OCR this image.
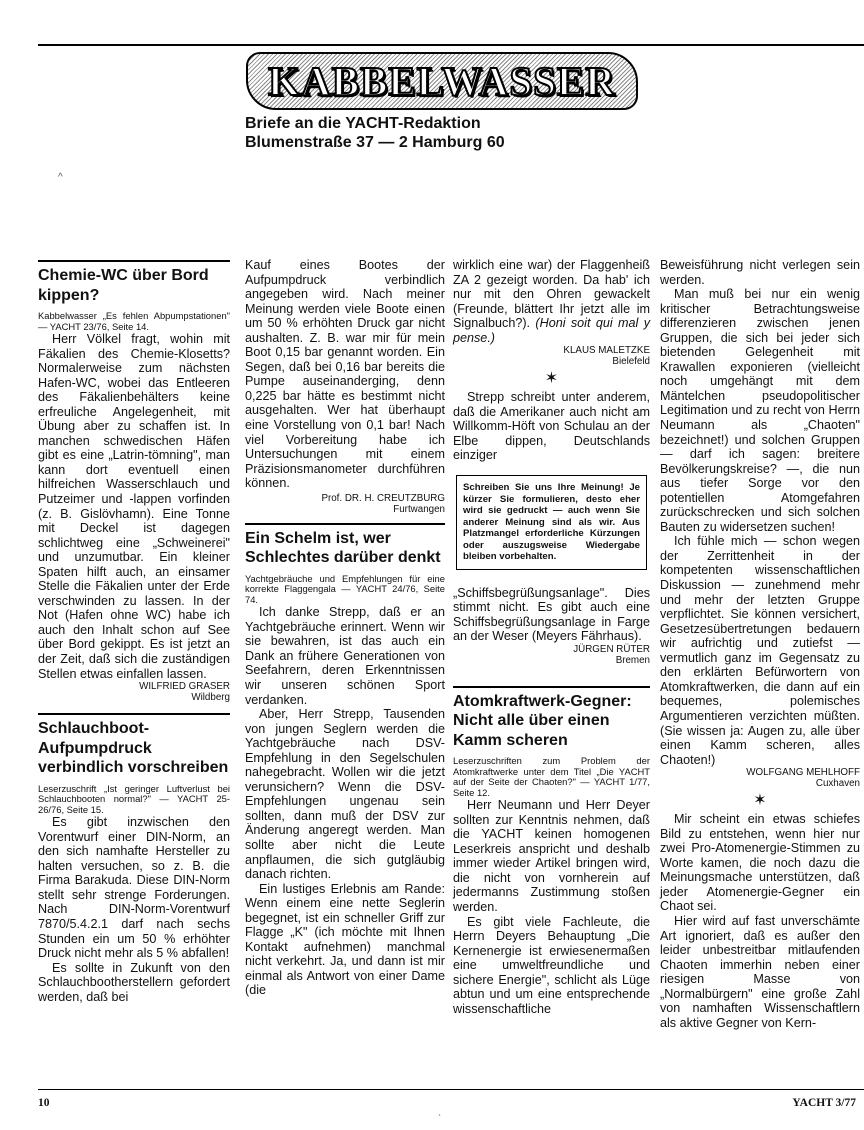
KABBELWASSER
Briefe an die YACHT-Redaktion
Blumenstraße 37 — 2 Hamburg 60
^
Chemie-WC über Bord kippen?

Kabbelwasser „Es fehlen Abpumpstationen" — YACHT 23/76, Seite 14.

Herr Völkel fragt, wohin mit Fäkalien des Chemie-Klosetts? Normalerweise zum nächsten Hafen-WC, wobei das Entleeren des Fäkalienbehälters keine erfreuliche Angelegenheit, mit Übung aber zu schaffen ist. In manchen schwedischen Häfen gibt es eine „Latrin-tömning", man kann dort eventuell einen hilfreichen Wasserschlauch und Putzeimer und -lappen vorfinden (z. B. Gislövhamn). Eine Tonne mit Deckel ist dagegen schlichtweg eine „Schweinerei" und unzumutbar. Ein kleiner Spaten hilft auch, an einsamer Stelle die Fäkalien unter der Erde verschwinden zu lassen. In der Not (Hafen ohne WC) habe ich auch den Inhalt schon auf See über Bord gekippt. Es ist jetzt an der Zeit, daß sich die zuständigen Stellen etwas einfallen lassen.

WILFRIED GRASER
Wildberg
Schlauchboot-Aufpumpdruck verbindlich vorschreiben

Leserzuschrift „Ist geringer Luftverlust bei Schlauchbooten normal?" — YACHT 25-26/76, Seite 15.

Es gibt inzwischen den Vorentwurf einer DIN-Norm, an den sich namhafte Hersteller zu halten versuchen, so z. B. die Firma Barakuda. Diese DIN-Norm stellt sehr strenge Forderungen. Nach DIN-Norm-Vorentwurf 7870/5.4.2.1 darf nach sechs Stunden ein um 50 % erhöhter Druck nicht mehr als 5 % abfallen!

Es sollte in Zukunft von den Schlauchbootherstellern gefordert werden, daß bei

Kauf eines Bootes der Aufpumpdruck verbindlich angegeben wird. Nach meiner Meinung werden viele Boote einen um 50 % erhöhten Druck gar nicht aushalten. Z. B. war mir für mein Boot 0,15 bar genannt worden. Ein Segen, daß bei 0,16 bar bereits die Pumpe auseinanderging, denn 0,225 bar hätte es bestimmt nicht ausgehalten. Wer hat überhaupt eine Vorstellung von 0,1 bar! Nach viel Vorbereitung habe ich Untersuchungen mit einem Präzisionsmanometer durchführen können.

Prof. DR. H. CREUTZBURG
Furtwangen
Ein Schelm ist, wer Schlechtes darüber denkt

Yachtgebräuche und Empfehlungen für eine korrekte Flaggengala — YACHT 24/76, Seite 74.

Ich danke Strepp, daß er an Yachtgebräuche erinnert. Wenn wir sie bewahren, ist das auch ein Dank an frühere Generationen von Seefahrern, deren Erkenntnissen wir unseren schönen Sport verdanken.

Aber, Herr Strepp, Tausenden von jungen Seglern werden die Yachtgebräuche nach DSV-Empfehlung in den Segelschulen nahegebracht. Wollen wir die jetzt verunsichern? Wenn die DSV-Empfehlungen ungenau sein sollten, dann muß der DSV zur Änderung angeregt werden. Man sollte aber nicht die Leute anpflaumen, die sich gutgläubig danach richten.

Ein lustiges Erlebnis am Rande: Wenn einem eine nette Seglerin begegnet, ist ein schneller Griff zur Flagge „K" (ich möchte mit Ihnen Kontakt aufnehmen) manchmal nicht verkehrt. Ja, und dann ist mir einmal als Antwort von einer Dame (die

wirklich eine war) der Flaggenheiß ZA 2 gezeigt worden. Da hab' ich nur mit den Ohren gewackelt (Freunde, blättert Ihr jetzt alle im Signalbuch?). (Honi soit qui mal y pense.)

KLAUS MALETZKE
Bielefeld
✶

Strepp schreibt unter anderem, daß die Amerikaner auch nicht am Willkomm-Höft von Schulau an der Elbe dippen, Deutschlands einziger

Schreiben Sie uns Ihre Meinung! Je kürzer Sie formulieren, desto eher wird sie gedruckt — auch wenn Sie anderer Meinung sind als wir. Aus Platzmangel erforderliche Kürzungen oder auszugsweise Wiedergabe bleiben vorbehalten.

„Schiffsbegrüßungsanlage". Dies stimmt nicht. Es gibt auch eine Schiffsbegrüßungsanlage in Farge an der Weser (Meyers Fährhaus).

JÜRGEN RÜTER
Bremen
Atomkraftwerk-Gegner: Nicht alle über einen Kamm scheren

Leserzuschriften zum Problem der Atomkraftwerke unter dem Titel „Die YACHT auf der Seite der Chaoten?" — YACHT 1/77, Seite 12.

Herr Neumann und Herr Deyer sollten zur Kenntnis nehmen, daß die YACHT keinen homogenen Leserkreis anspricht und deshalb immer wieder Artikel bringen wird, die nicht von vornherein auf jedermanns Zustimmung stoßen werden.

Es gibt viele Fachleute, die Herrn Deyers Behauptung „Die Kernenergie ist erwiesenermaßen eine umweltfreundliche und sichere Energie", schlicht als Lüge abtun und um eine entsprechende wissenschaftliche

Beweisführung nicht verlegen sein werden.

Man muß bei nur ein wenig kritischer Betrachtungsweise differenzieren zwischen jenen Gruppen, die sich bei jeder sich bietenden Gelegenheit mit Krawallen exponieren (vielleicht noch umgehängt mit dem Mäntelchen pseudopolitischer Legitimation und zu recht von Herrn Neumann als „Chaoten" bezeichnet!) und solchen Gruppen — darf ich sagen: breitere Bevölkerungskreise? —, die nun aus tiefer Sorge vor den potentiellen Atomgefahren zurückschrecken und sich solchen Bauten zu widersetzen suchen!

Ich fühle mich — schon wegen der Zerrittenheit in der kompetenten wissenschaftlichen Diskussion — zunehmend mehr und mehr der letzten Gruppe verpflichtet. Sie können versichert, Gesetzesübertretungen bedauern wir aufrichtig und zutiefst — vermutlich ganz im Gegensatz zu den erklärten Befürwortern von Atomkraftwerken, die dann auf ein bequemes, polemisches Argumentieren verzichten müßten. (Sie wissen ja: Augen zu, alle über einen Kamm scheren, alles Chaoten!)

WOLFGANG MEHLHOFF
Cuxhaven
✶

Mir scheint ein etwas schiefes Bild zu entstehen, wenn hier nur zwei Pro-Atomenergie-Stimmen zu Worte kamen, die noch dazu die Meinungsmache unterstützen, daß jeder Atomenergie-Gegner ein Chaot sei.

Hier wird auf fast unverschämte Art ignoriert, daß es außer den leider unbestreitbar mitlaufenden Chaoten immerhin neben einer riesigen Masse von „Normalbürgern" eine große Zahl von namhaften Wissenschaftlern als aktive Gegner von Kern-

10	YACHT 3/77
ˋ
